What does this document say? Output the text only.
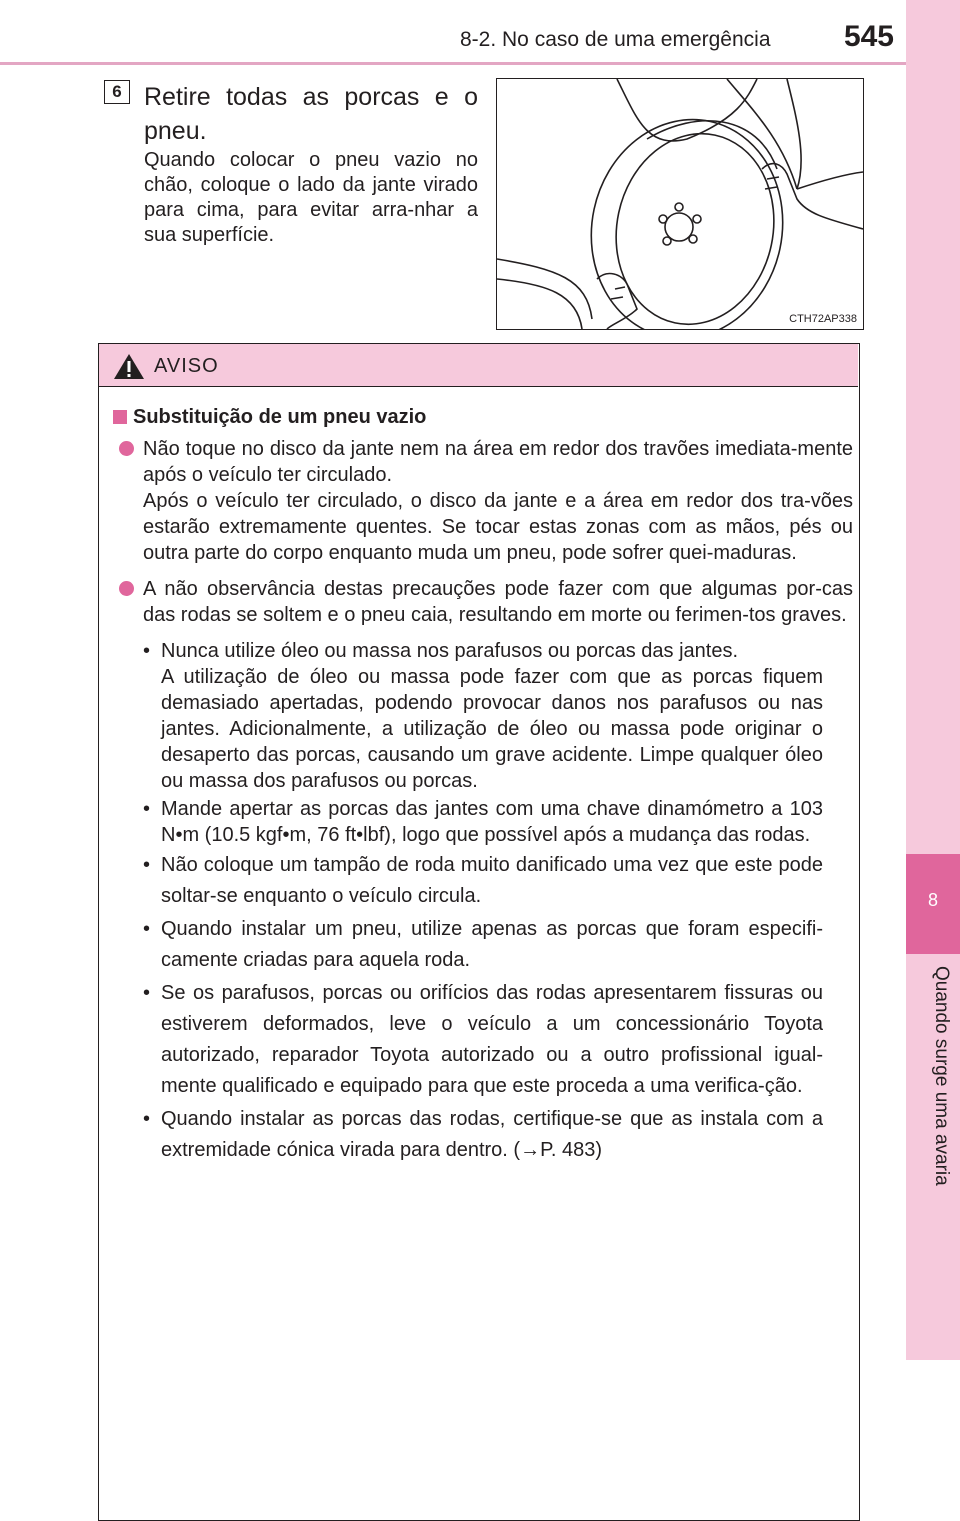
8-2. No caso de uma emergência	545
8
Quando surge uma avaria
6 Retire todas as porcas e o pneu.
Quando colocar o pneu vazio no chão, coloque o lado da jante virado para cima, para evitar arra-nhar a sua superfície.
CTH72AP338
AVISO
Substituição de um pneu vazio

Não toque no disco da jante nem na área em redor dos travões imediata-mente após o veículo ter circulado.

Após o veículo ter circulado, o disco da jante e a área em redor dos tra-vões estarão extremamente quentes. Se tocar estas zonas com as mãos, pés ou outra parte do corpo enquanto muda um pneu, pode sofrer quei-maduras.

A não observância destas precauções pode fazer com que algumas por-cas das rodas se soltem e o pneu caia, resultando em morte ou ferimen-tos graves.

• Nunca utilize óleo ou massa nos parafusos ou porcas das jantes.

A utilização de óleo ou massa pode fazer com que as porcas fiquem demasiado apertadas, podendo provocar danos nos parafusos ou nas jantes. Adicionalmente, a utilização de óleo ou massa pode originar o desaperto das porcas, causando um grave acidente. Limpe qualquer óleo ou massa dos parafusos ou porcas.

• Mande apertar as porcas das jantes com uma chave dinamómetro a 103 N•m (10.5 kgf•m, 76 ft•lbf), logo que possível após a mudança das rodas.

• Não coloque um tampão de roda muito danificado uma vez que este pode soltar-se enquanto o veículo circula.

• Quando instalar um pneu, utilize apenas as porcas que foram especifi-camente criadas para aquela roda.

• Se os parafusos, porcas ou orifícios das rodas apresentarem fissuras ou estiverem deformados, leve o veículo a um concessionário Toyota autorizado, reparador Toyota autorizado ou a outro profissional igual-mente qualificado e equipado para que este proceda a uma verifica-ção.

• Quando instalar as porcas das rodas, certifique-se que as instala com a extremidade cónica virada para dentro. (→P. 483)
